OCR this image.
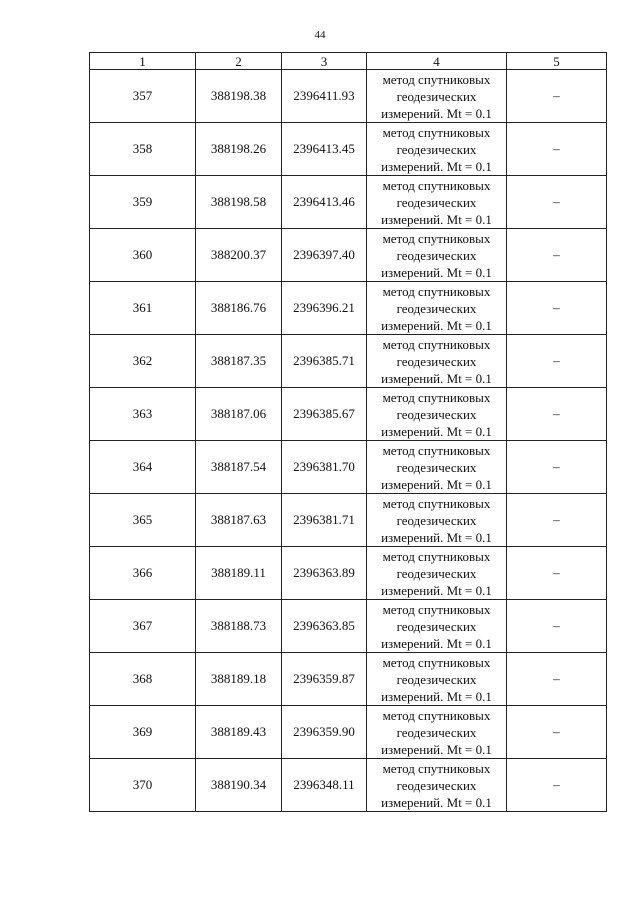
44
1	2	3	4	5
357	388198.38	2396411.93	метод спутниковых
геодезических
измерений. Mt = 0.1	–
358	388198.26	2396413.45	метод спутниковых
геодезических
измерений. Mt = 0.1	–
359	388198.58	2396413.46	метод спутниковых
геодезических
измерений. Mt = 0.1	–
360	388200.37	2396397.40	метод спутниковых
геодезических
измерений. Mt = 0.1	–
361	388186.76	2396396.21	метод спутниковых
геодезических
измерений. Mt = 0.1	–
362	388187.35	2396385.71	метод спутниковых
геодезических
измерений. Mt = 0.1	–
363	388187.06	2396385.67	метод спутниковых
геодезических
измерений. Mt = 0.1	–
364	388187.54	2396381.70	метод спутниковых
геодезических
измерений. Mt = 0.1	–
365	388187.63	2396381.71	метод спутниковых
геодезических
измерений. Mt = 0.1	–
366	388189.11	2396363.89	метод спутниковых
геодезических
измерений. Mt = 0.1	–
367	388188.73	2396363.85	метод спутниковых
геодезических
измерений. Mt = 0.1	–
368	388189.18	2396359.87	метод спутниковых
геодезических
измерений. Mt = 0.1	–
369	388189.43	2396359.90	метод спутниковых
геодезических
измерений. Mt = 0.1	–
370	388190.34	2396348.11	метод спутниковых
геодезических
измерений. Mt = 0.1	–
